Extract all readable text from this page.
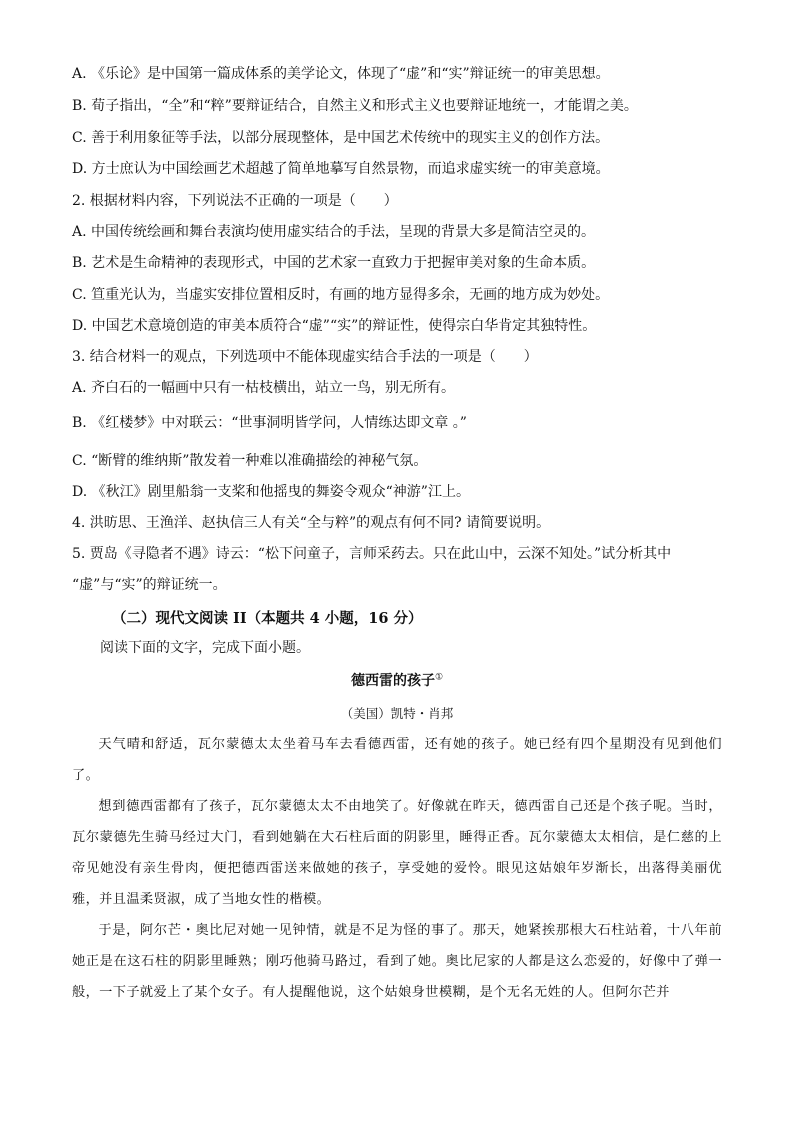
A. 《乐论》是中国第一篇成体系的美学论文，体现了“虚”和“实”辩证统一的审美思想。
B. 荀子指出，“全”和“粹”要辩证结合，自然主义和形式主义也要辩证地统一，才能谓之美。
C. 善于利用象征等手法，以部分展现整体，是中国艺术传统中的现实主义的创作方法。
D. 方士庶认为中国绘画艺术超越了简单地摹写自然景物，而追求虚实统一的审美意境。
2. 根据材料内容，下列说法不正确的一项是（　　）
A. 中国传统绘画和舞台表演均使用虚实结合的手法，呈现的背景大多是简洁空灵的。
B. 艺术是生命精神的表现形式，中国的艺术家一直致力于把握审美对象的生命本质。
C. 笪重光认为，当虚实安排位置相反时，有画的地方显得多余，无画的地方成为妙处。
D. 中国艺术意境创造的审美本质符合“虚”“实”的辩证性，使得宗白华肯定其独特性。
3. 结合材料一的观点，下列选项中不能体现虚实结合手法的一项是（　　）
A. 齐白石的一幅画中只有一枯枝横出，站立一鸟，别无所有。
B. 《红楼梦》中对联云：“世事洞明皆学问，人情练达即文章 。”
C. “断臂的维纳斯”散发着一种难以准确描绘的神秘气氛。
D. 《秋江》剧里船翁一支桨和他摇曳的舞姿令观众“神游”江上。
4. 洪昉思、王渔洋、赵执信三人有关“全与粹”的观点有何不同? 请简要说明。
5. 贾岛《寻隐者不遇》诗云：“松下问童子，言师采药去。只在此山中，云深不知处。”试分析其中
“虚”与“实”的辩证统一。
（二）现代文阅读 II（本题共 4 小题，16 分）
阅读下面的文字，完成下面小题。
德西雷的孩子①
（美国）凯特・肖邦

天气晴和舒适，瓦尔蒙德太太坐着马车去看德西雷，还有她的孩子。她已经有四个星期没有见到他们了。

想到德西雷都有了孩子，瓦尔蒙德太太不由地笑了。好像就在昨天，德西雷自己还是个孩子呢。当时，瓦尔蒙德先生骑马经过大门，看到她躺在大石柱后面的阴影里，睡得正香。瓦尔蒙德太太相信，是仁慈的上帝见她没有亲生骨肉，便把德西雷送来做她的孩子，享受她的爱怜。眼见这姑娘年岁渐长，出落得美丽优雅，并且温柔贤淑，成了当地女性的楷模。

于是，阿尔芒・奥比尼对她一见钟情，就是不足为怪的事了。那天，她紧挨那根大石柱站着，十八年前她正是在这石柱的阴影里睡熟；刚巧他骑马路过，看到了她。奥比尼家的人都是这么恋爱的，好像中了弹一般，一下子就爱上了某个女子。有人提醒他说，这个姑娘身世模糊，是个无名无姓的人。但阿尔芒并
